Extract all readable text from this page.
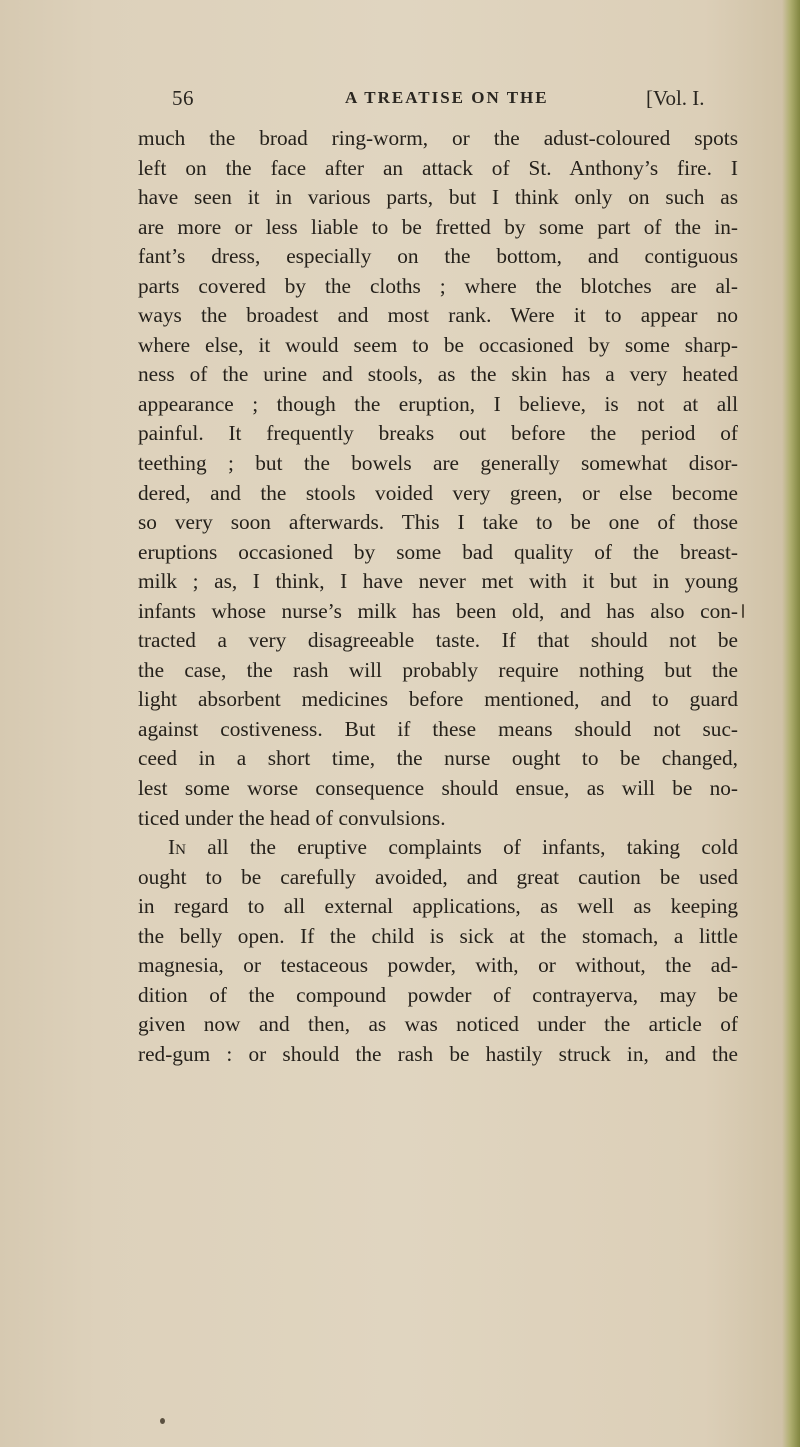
56	A TREATISE ON THE	[Vol. I.
much the broad ring-worm, or the adust-coloured spots
left on the face after an attack of St. Anthony’s fire. I
have seen it in various parts, but I think only on such as
are more or less liable to be fretted by some part of the in-
fant’s dress, especially on the bottom, and contiguous
parts covered by the cloths ; where the blotches are al-
ways the broadest and most rank. Were it to appear no
where else, it would seem to be occasioned by some sharp-
ness of the urine and stools, as the skin has a very heated
appearance ; though the eruption, I believe, is not at all
painful. It frequently breaks out before the period of
teething ; but the bowels are generally somewhat disor-
dered, and the stools voided very green, or else become
so very soon afterwards. This I take to be one of those
eruptions occasioned by some bad quality of the breast-
milk ; as, I think, I have never met with it but in young
infants whose nurse’s milk has been old, and has also con-
tracted a very disagreeable taste. If that should not be
the case, the rash will probably require nothing but the
light absorbent medicines before mentioned, and to guard
against costiveness. But if these means should not suc-
ceed in a short time, the nurse ought to be changed,
lest some worse consequence should ensue, as will be no-
ticed under the head of convulsions.
In all the eruptive complaints of infants, taking cold
ought to be carefully avoided, and great caution be used
in regard to all external applications, as well as keeping
the belly open. If the child is sick at the stomach, a little
magnesia, or testaceous powder, with, or without, the ad-
dition of the compound powder of contrayerva, may be
given now and then, as was noticed under the article of
red-gum : or should the rash be hastily struck in, and the
